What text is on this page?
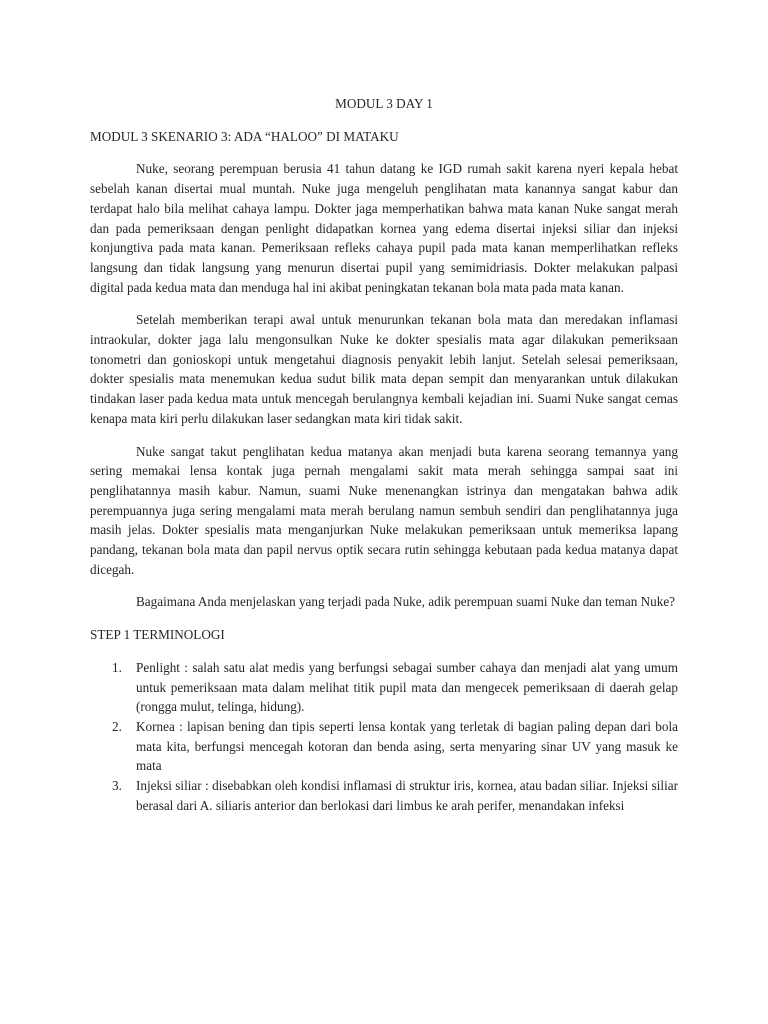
MODUL 3 DAY 1
MODUL 3 SKENARIO 3: ADA “HALOO” DI MATAKU

Nuke, seorang perempuan berusia 41 tahun datang ke IGD rumah sakit karena nyeri kepala hebat sebelah kanan disertai mual muntah. Nuke juga mengeluh penglihatan mata kanannya sangat kabur dan terdapat halo bila melihat cahaya lampu. Dokter jaga memperhatikan bahwa mata kanan Nuke sangat merah dan pada pemeriksaan dengan penlight didapatkan kornea yang edema disertai injeksi siliar dan injeksi konjungtiva pada mata kanan. Pemeriksaan refleks cahaya pupil pada mata kanan memperlihatkan refleks langsung dan tidak langsung yang menurun disertai pupil yang semimidriasis. Dokter melakukan palpasi digital pada kedua mata dan menduga hal ini akibat peningkatan tekanan bola mata pada mata kanan.

Setelah memberikan terapi awal untuk menurunkan tekanan bola mata dan meredakan inflamasi intraokular, dokter jaga lalu mengonsulkan Nuke ke dokter spesialis mata agar dilakukan pemeriksaan tonometri dan gonioskopi untuk mengetahui diagnosis penyakit lebih lanjut. Setelah selesai pemeriksaan, dokter spesialis mata menemukan kedua sudut bilik mata depan sempit dan menyarankan untuk dilakukan tindakan laser pada kedua mata untuk mencegah berulangnya kembali kejadian ini. Suami Nuke sangat cemas kenapa mata kiri perlu dilakukan laser sedangkan mata kiri tidak sakit.

Nuke sangat takut penglihatan kedua matanya akan menjadi buta karena seorang temannya yang sering memakai lensa kontak juga pernah mengalami sakit mata merah sehingga sampai saat ini penglihatannya masih kabur. Namun, suami Nuke menenangkan istrinya dan mengatakan bahwa adik perempuannya juga sering mengalami mata merah berulang namun sembuh sendiri dan penglihatannya juga masih jelas. Dokter spesialis mata menganjurkan Nuke melakukan pemeriksaan untuk memeriksa lapang pandang, tekanan bola mata dan papil nervus optik secara rutin sehingga kebutaan pada kedua matanya dapat dicegah.

Bagaimana Anda menjelaskan yang terjadi pada Nuke, adik perempuan suami Nuke dan teman Nuke?

STEP 1 TERMINOLOGI
1. Penlight : salah satu alat medis yang berfungsi sebagai sumber cahaya dan menjadi alat yang umum untuk pemeriksaan mata dalam melihat titik pupil mata dan mengecek pemeriksaan di daerah gelap (rongga mulut, telinga, hidung).
2. Kornea : lapisan bening dan tipis seperti lensa kontak yang terletak di bagian paling depan dari bola mata kita, berfungsi mencegah kotoran dan benda asing, serta menyaring sinar UV yang masuk ke mata
3. Injeksi siliar : disebabkan oleh kondisi inflamasi di struktur iris, kornea, atau badan siliar. Injeksi siliar berasal dari A. siliaris anterior dan berlokasi dari limbus ke arah perifer, menandakan infeksi
